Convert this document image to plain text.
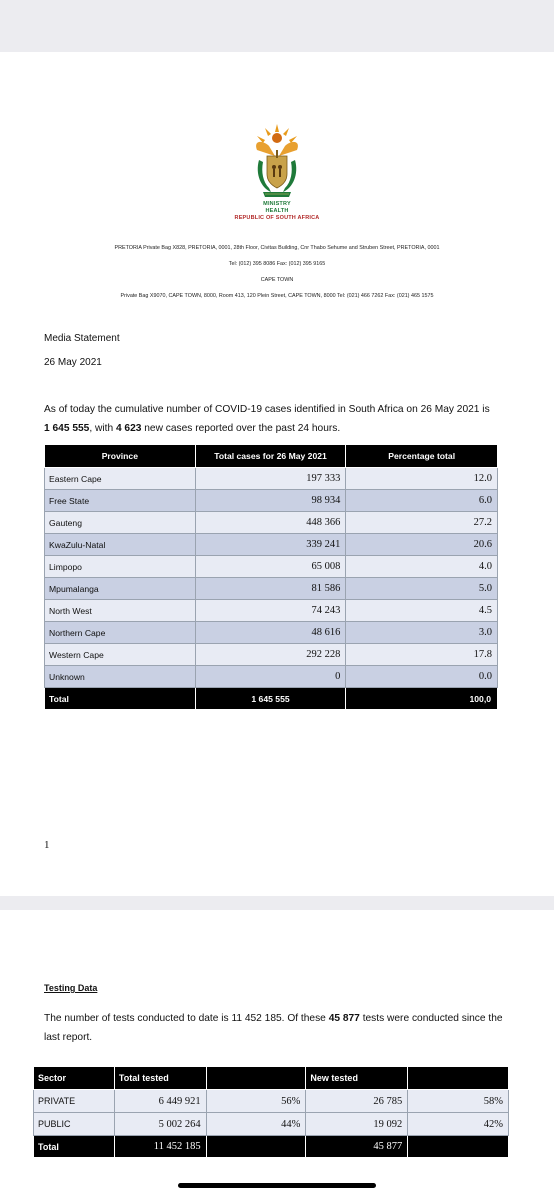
MINISTRY
HEALTH
REPUBLIC OF SOUTH AFRICA
PRETORIA Private Bag X828, PRETORIA, 0001, 28th Floor, Civitas Building, Cnr Thabo Sehume and Struben Street, PRETORIA, 0001
Tel: (012) 395 8086 Fax: (012) 395 9165
CAPE TOWN
Private Bag X9070, CAPE TOWN, 8000, Room 413, 120 Plein Street, CAPE TOWN, 8000 Tel: (021) 466 7262 Fax: (021) 465 1575
Media Statement
26 May 2021
As of today the cumulative number of COVID-19 cases identified in South Africa on 26 May 2021 is
1 645 555, with 4 623 new cases reported over the past 24 hours.
Province	Total cases for 26 May 2021	Percentage total
Eastern Cape	197 333	12.0
Free State	98 934	6.0
Gauteng	448 366	27.2
KwaZulu-Natal	339 241	20.6
Limpopo	65 008	4.0
Mpumalanga	81 586	5.0
North West	74 243	4.5
Northern Cape	48 616	3.0
Western Cape	292 228	17.8
Unknown	0	0.0
Total	1 645 555	100,0
1
Testing Data
The number of tests conducted to date is 11 452 185. Of these 45 877 tests were conducted since the last report.
Sector	Total tested		New tested	
PRIVATE	6 449 921	56%	26 785	58%
PUBLIC	5 002 264	44%	19 092	42%
Total	11 452 185		45 877	
